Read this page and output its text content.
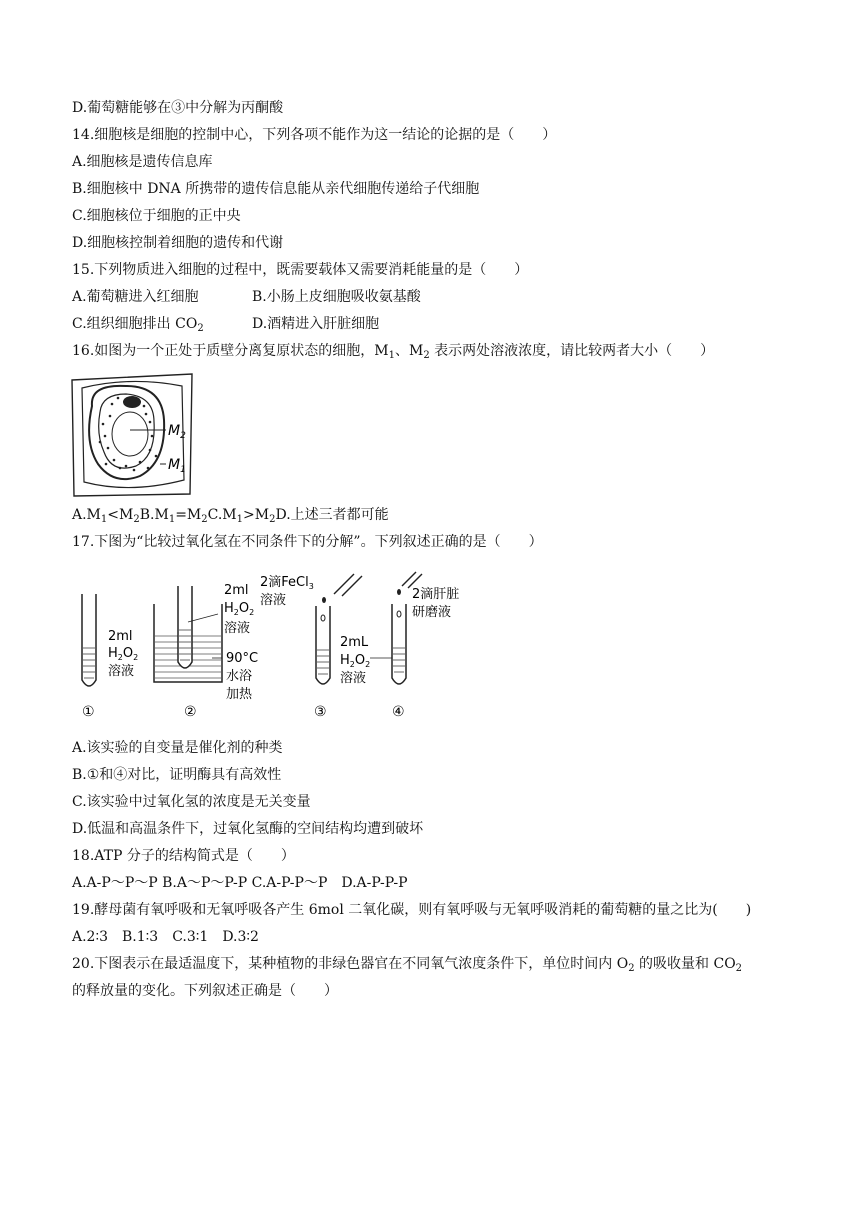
D.葡萄糖能够在③中分解为丙酮酸
14.细胞核是细胞的控制中心，下列各项不能作为这一结论的论据的是（　　）
A.细胞核是遗传信息库
B.细胞核中 DNA 所携带的遗传信息能从亲代细胞传递给子代细胞
C.细胞核位于细胞的正中央
D.细胞核控制着细胞的遗传和代谢
15.下列物质进入细胞的过程中，既需要载体又需要消耗能量的是（　　）
A.葡萄糖进入红细胞	B.小肠上皮细胞吸收氨基酸
C.组织细胞排出 $CO_2$	D.酒精进入肝脏细胞
16.如图为一个正处于质壁分离复原状态的细胞，$M_1$、$M_2$ 表示两处溶液浓度，请比较两者大小（　　）
$M_2$
$M_1$
$A.M_1<M_2B.M_1=M_2C.M_1>M_2D$.上述三者都可能
17.下图为“比较过氧化氢在不同条件下的分解”。下列叙述正确的是（　　）
2ml
$H_2O_2$
溶液
①
2ml
$H_2O_2$
溶液
90°C
水浴
加热
②
2滴FeCl$_3$
溶液
2mL
$H_2O_2$
溶液
③
2滴肝脏
研磨液
④
A.该实验的自变量是催化剂的种类
B.①和④对比，证明酶具有高效性
C.该实验中过氧化氢的浓度是无关变量
D.低温和高温条件下，过氧化氢酶的空间结构均遭到破坏
18.ATP 分子的结构简式是（　　）
A.A-P～P～P B.A～P～P-P C.A-P-P～P　D.A-P-P-P
19.酵母菌有氧呼吸和无氧呼吸各产生 6mol 二氧化碳，则有氧呼吸与无氧呼吸消耗的葡萄糖的量之比为(　　)
A.2∶3　B.1∶3　C.3∶1　D.3∶2
20.下图表示在最适温度下，某种植物的非绿色器官在不同氧气浓度条件下，单位时间内 $O_2$ 的吸收量和 $CO_2$
的释放量的变化。下列叙述正确是（　　）
